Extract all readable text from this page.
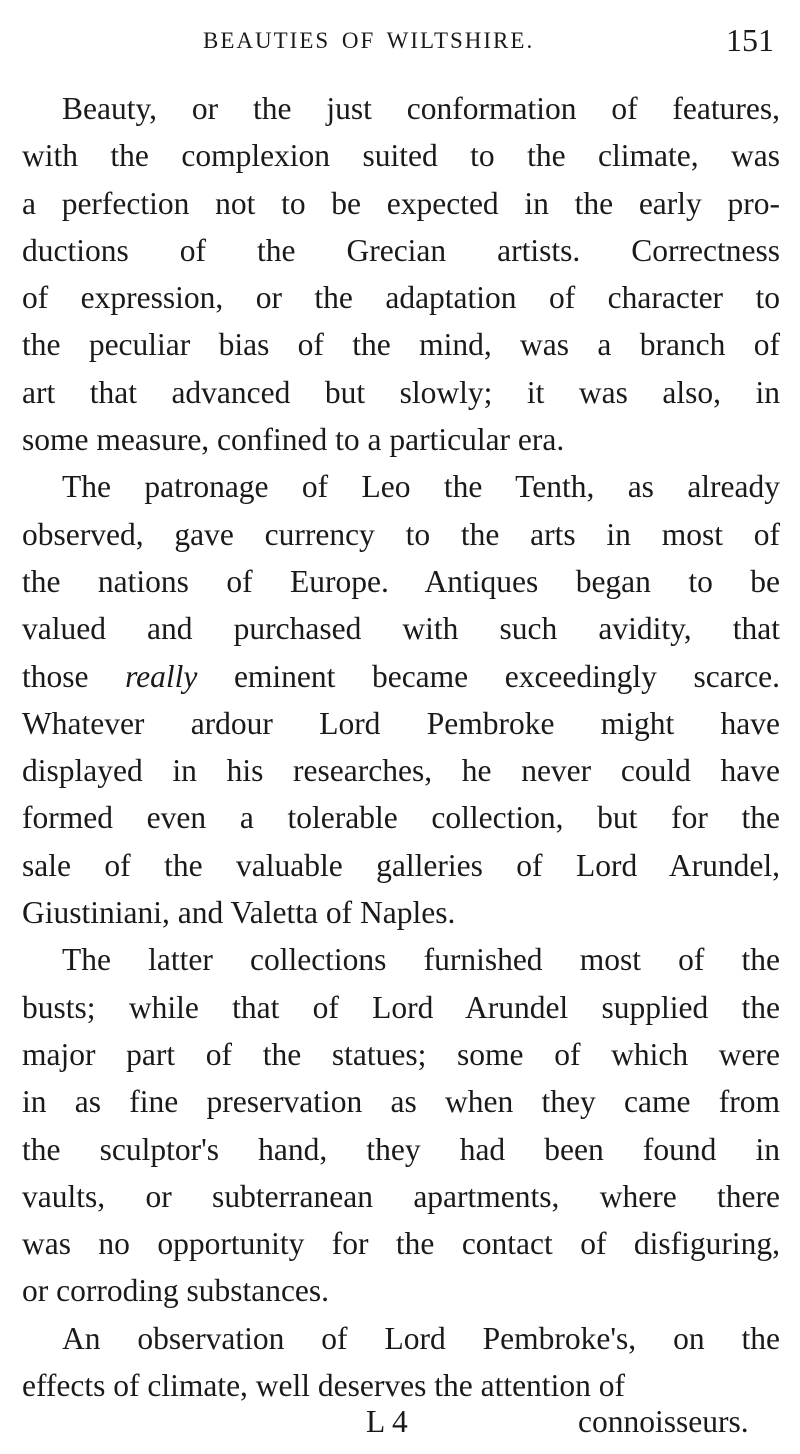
BEAUTIES OF WILTSHIRE.	151
Beauty, or the just conformation of features,
with the complexion suited to the climate, was
a perfection not to be expected in the early pro-
ductions of the Grecian artists. Correctness
of expression, or the adaptation of character to
the peculiar bias of the mind, was a branch of
art that advanced but slowly; it was also, in
some measure, confined to a particular era.
The patronage of Leo the Tenth, as already
observed, gave currency to the arts in most of
the nations of Europe. Antiques began to be
valued and purchased with such avidity, that
those really eminent became exceedingly scarce.
Whatever ardour Lord Pembroke might have
displayed in his researches, he never could have
formed even a tolerable collection, but for the
sale of the valuable galleries of Lord Arundel,
Giustiniani, and Valetta of Naples.
The latter collections furnished most of the
busts; while that of Lord Arundel supplied the
major part of the statues; some of which were
in as fine preservation as when they came from
the sculptor's hand, they had been found in
vaults, or subterranean apartments, where there
was no opportunity for the contact of disfiguring,
or corroding substances.
An observation of Lord Pembroke's, on the
effects of climate, well deserves the attention of
L 4	connoisseurs.
